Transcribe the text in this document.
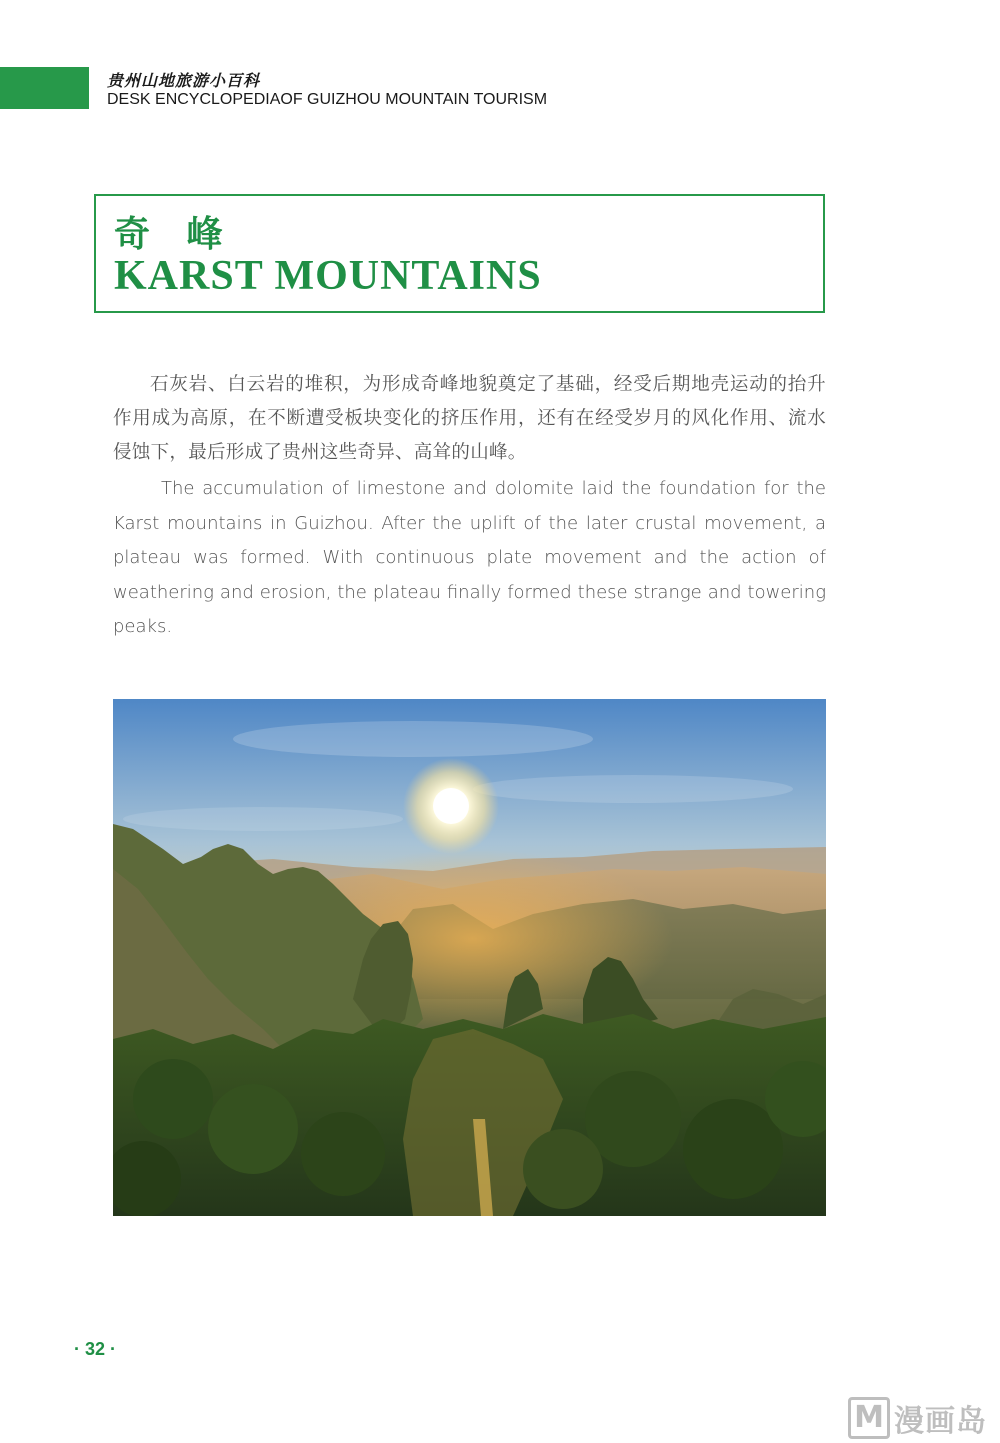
贵州山地旅游小百科
DESK ENCYCLOPEDIAOF GUIZHOU MOUNTAIN TOURISM
奇 峰
KARST MOUNTAINS

石灰岩、白云岩的堆积，为形成奇峰地貌奠定了基础，经受后期地壳运动的抬升作用成为高原，在不断遭受板块变化的挤压作用，还有在经受岁月的风化作用、流水侵蚀下，最后形成了贵州这些奇异、高耸的山峰。

The accumulation of limestone and dolomite laid the foundation for the Karst mountains in Guizhou. After the uplift of the later crustal movement, a plateau was formed. With continuous plate movement and the action of weathering and erosion, the plateau finally formed these strange and towering peaks.

· 32 ·
M 漫画岛
